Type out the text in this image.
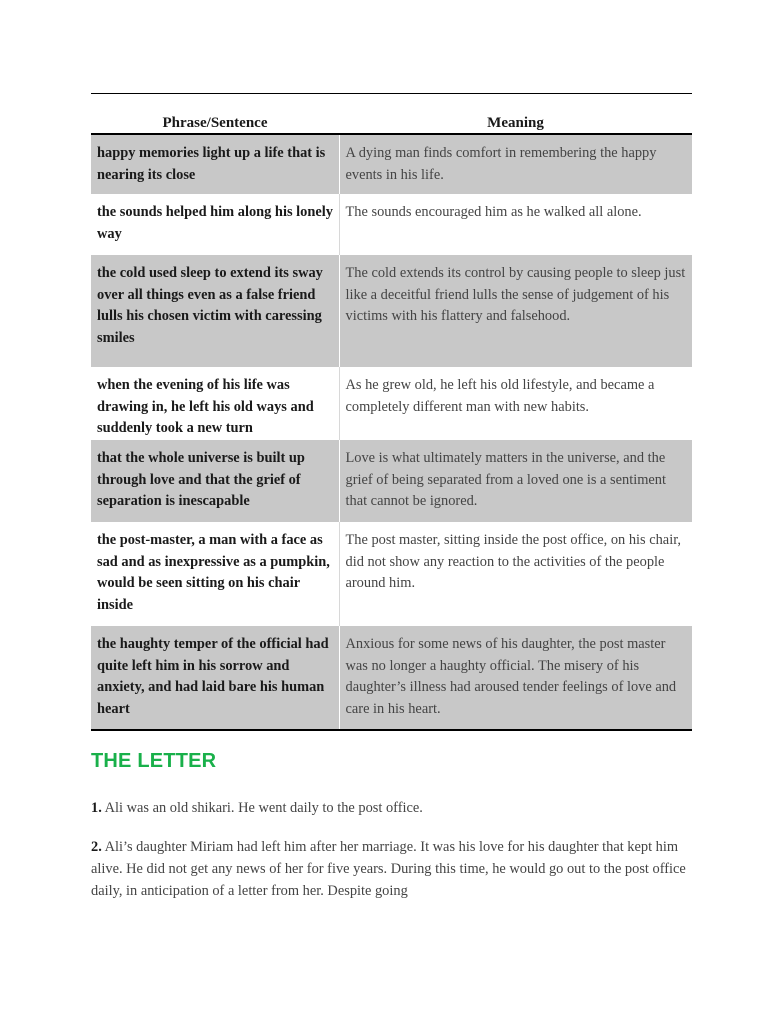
Phrase/Sentence	Meaning
happy memories light up a life that is nearing its close	A dying man finds comfort in remembering the happy events in his life.
the sounds helped him along his lonely way	The sounds encouraged him as he walked all alone.
the cold used sleep to extend its sway over all things even as a false friend lulls his chosen victim with caressing smiles	The cold extends its control by causing people to sleep just like a deceitful friend lulls the sense of judgement of his victims with his flattery and falsehood.
when the evening of his life was drawing in, he left his old ways and suddenly took a new turn	As he grew old, he left his old lifestyle, and became a completely different man with new habits.
that the whole universe is built up through love and that the grief of separation is inescapable	Love is what ultimately matters in the universe, and the grief of being separated from a loved one is a sentiment that cannot be ignored.
the post-master, a man with a face as sad and as inexpressive as a pumpkin, would be seen sitting on his chair inside	The post master, sitting inside the post office, on his chair, did not show any reaction to the activities of the people around him.
the haughty temper of the official had quite left him in his sorrow and anxiety, and had laid bare his human heart	Anxious for some news of his daughter, the post master was no longer a haughty official. The misery of his daughter’s illness had aroused tender feelings of love and care in his heart.
THE LETTER

1. Ali was an old shikari. He went daily to the post office.

2. Ali’s daughter Miriam had left him after her marriage. It was his love for his daughter that kept him alive. He did not get any news of her for five years. During this time, he would go out to the post office daily, in anticipation of a letter from her. Despite going
